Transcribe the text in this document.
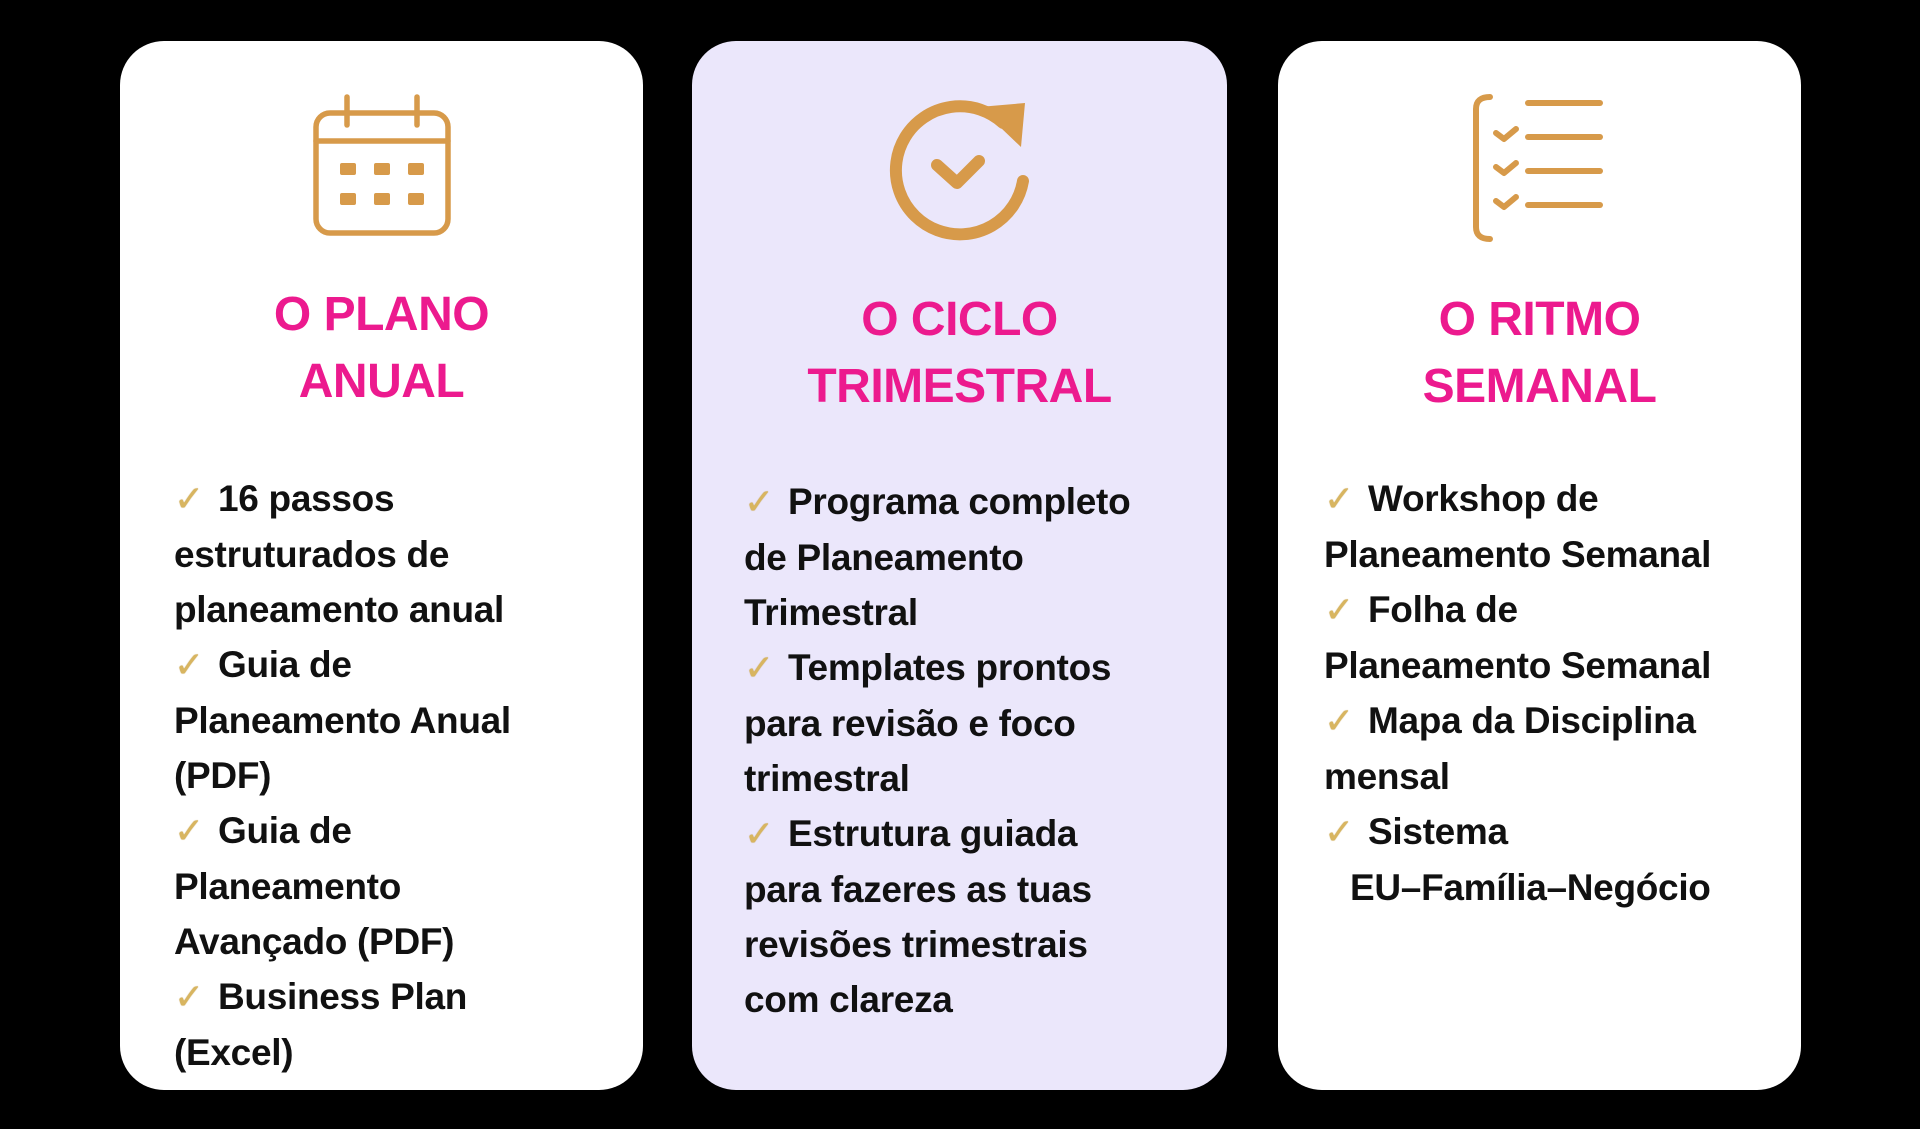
O PLANO
ANUAL
✓ 16 passos
estruturados de
planeamento anual
✓ Guia de
Planeamento Anual
(PDF)
✓ Guia de
Planeamento
Avançado (PDF)
✓ Business Plan
(Excel)
O CICLO
TRIMESTRAL
✓ Programa completo
de Planeamento
Trimestral
✓ Templates prontos
para revisão e foco
trimestral
✓ Estrutura guiada
para fazeres as tuas
revisões trimestrais
com clareza
O RITMO
SEMANAL
✓ Workshop de
Planeamento Semanal
✓ Folha de
Planeamento Semanal
✓ Mapa da Disciplina
mensal
✓ Sistema
EU–Família–Negócio
